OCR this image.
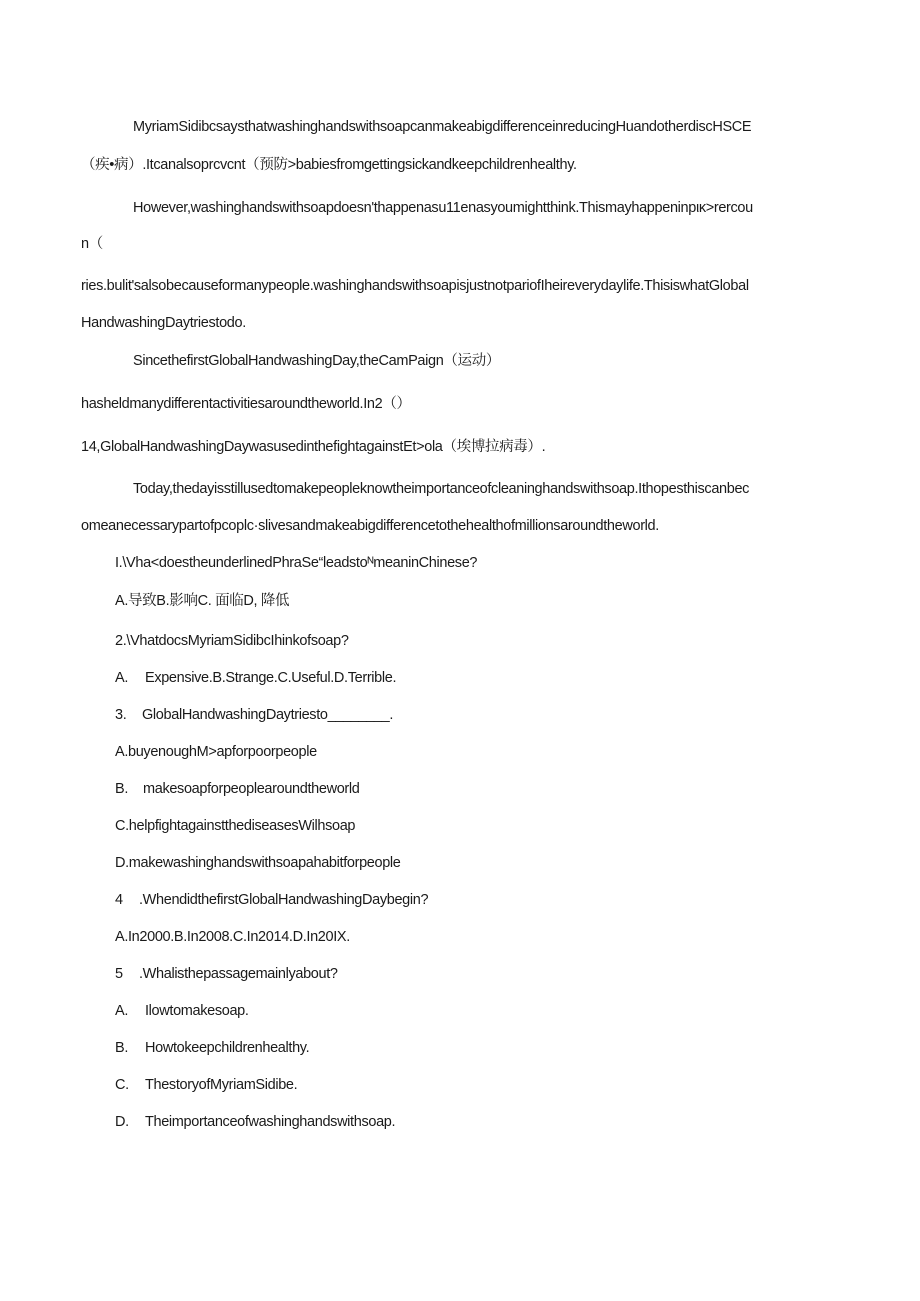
MyriamSidibcsaysthatwashinghandswithsoapcanmakeabigdifferenceinreducingHuandotherdiscHSCE
（疾•病）.Itcanalsoprcvcnt（预防>babiesfromgettingsickandkeepchildrenhealthy.
However,washinghandswithsoapdoesn'thappenasu11enasyoumightthink.Thismayhappeninpικ>rercou
n（
ries.bulit'salsobecauseformanypeople.washinghandswithsoapisjustnotpariofIheireverydaylife.ThisiswhatGlobal
HandwashingDaytriestodo.
SincethefirstGlobalHandwashingDay,theCamPaign（运动）
hasheldmanydifferentactivitiesaroundtheworld.In2（）
14,GlobalHandwashingDaywasusedinthefightagainstEt>ola（埃博拉病毒）.
Today,thedayisstillusedtomakepeopleknowtheimportanceofcleaninghandswithsoap.Ithopesthiscanbec
omeanecessarypartofpcoplc·slivesandmakeabigdifferencetothehealthofmillionsaroundtheworld.
I.\Vha<doestheunderlinedPhraSe“leadstoᴺmeaninChinese?
A.导致B.影响C. 面临D, 降低
2.\VhatdocsMyriamSidibcIhinkofsoap?
A. Expensive.B.Strange.C.Useful.D.Terrible.
3. GlobalHandwashingDaytriesto________.
A.buyenoughM>apforpoorpeople
B. makesoapforpeoplearoundtheworld
C.helpfightagainstthediseasesWilhsoap
D.makewashinghandswithsoapahabitforpeople
4 .WhendidthefirstGlobalHandwashingDaybegin?
A.In2000.B.In2008.C.In2014.D.In20IX.
5 .Whalisthepassagemainlyabout?
A. Ilowtomakesoap.
B. Howtokeepchildrenhealthy.
C. ThestoryofMyriamSidibe.
D. Theimportanceofwashinghandswithsoap.
